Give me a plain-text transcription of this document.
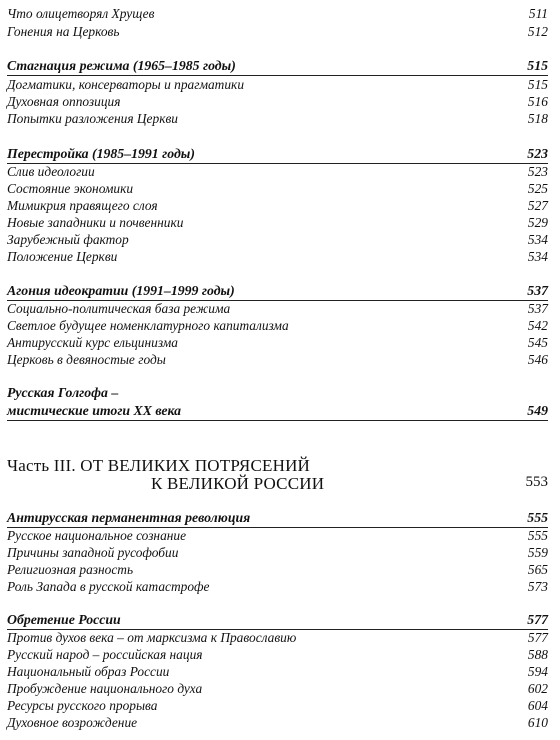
Что олицетворял Хрущев	511
Гонения на Церковь	512
Стагнация режима (1965–1985 годы)	515
Догматики, консерваторы и прагматики	515
Духовная оппозиция	516
Попытки разложения Церкви	518
Перестройка (1985–1991 годы)	523
Слив идеологии	523
Состояние экономики	525
Мимикрия правящего слоя	527
Новые западники и почвенники	529
Зарубежный фактор	534
Положение Церкви	534
Агония идеократии (1991–1999 годы)	537
Социально-политическая база режима	537
Светлое будущее номенклатурного капитализма	542
Антирусский курс ельцинизма	545
Церковь в девяностые годы	546
Русская Голгофа –
мистические итоги XX века	549
Часть III. ОТ ВЕЛИКИХ ПОТРЯСЕНИЙ
К ВЕЛИКОЙ РОССИИ	553
Антирусская перманентная революция	555
Русское национальное сознание	555
Причины западной русофобии	559
Религиозная разность	565
Роль Запада в русской катастрофе	573
Обретение России	577
Против духов века – от марксизма к Православию	577
Русский народ – российская нация	588
Национальный образ России	594
Пробуждение национального духа	602
Ресурсы русского прорыва	604
Духовное возрождение	610
